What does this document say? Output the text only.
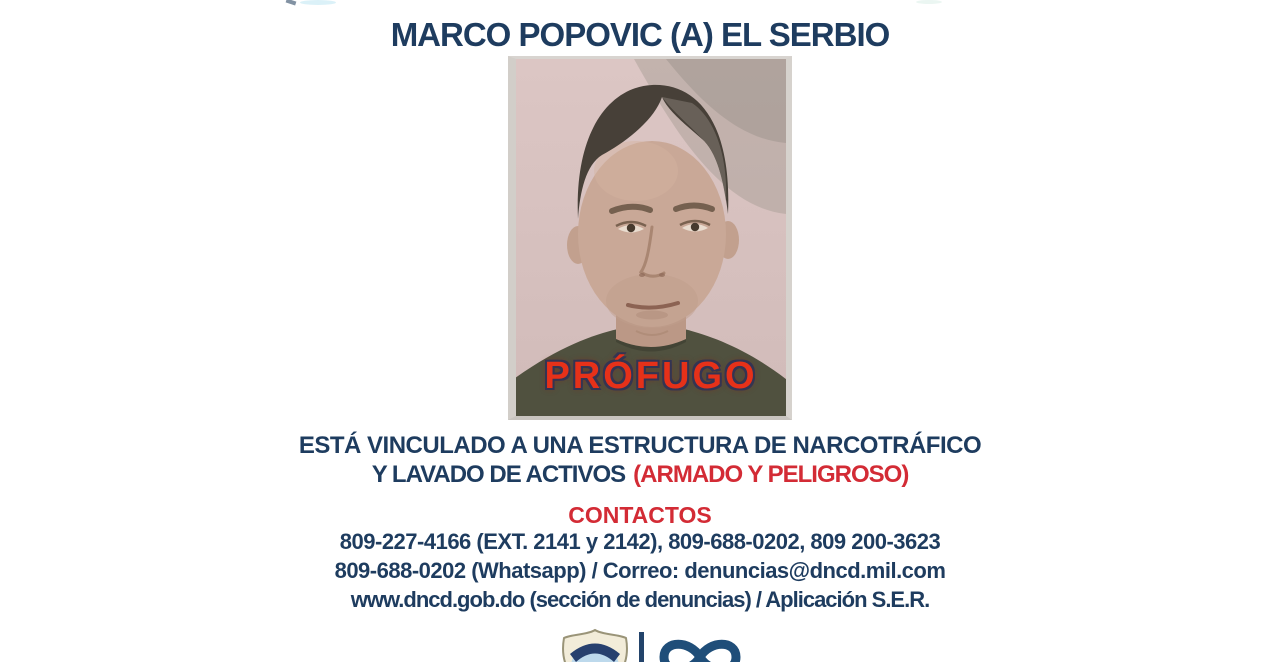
MARCO POPOVIC (A) EL SERBIO
PRÓFUGO
ESTÁ VINCULADO A UNA ESTRUCTURA DE NARCOTRÁFICO
Y LAVADO DE ACTIVOS (ARMADO Y PELIGROSO)
CONTACTOS
809-227-4166 (EXT. 2141 y 2142), 809-688-0202, 809 200-3623
809-688-0202 (Whatsapp) / Correo: denuncias@dncd.mil.com
www.dncd.gob.do (sección de denuncias) / Aplicación S.E.R.
